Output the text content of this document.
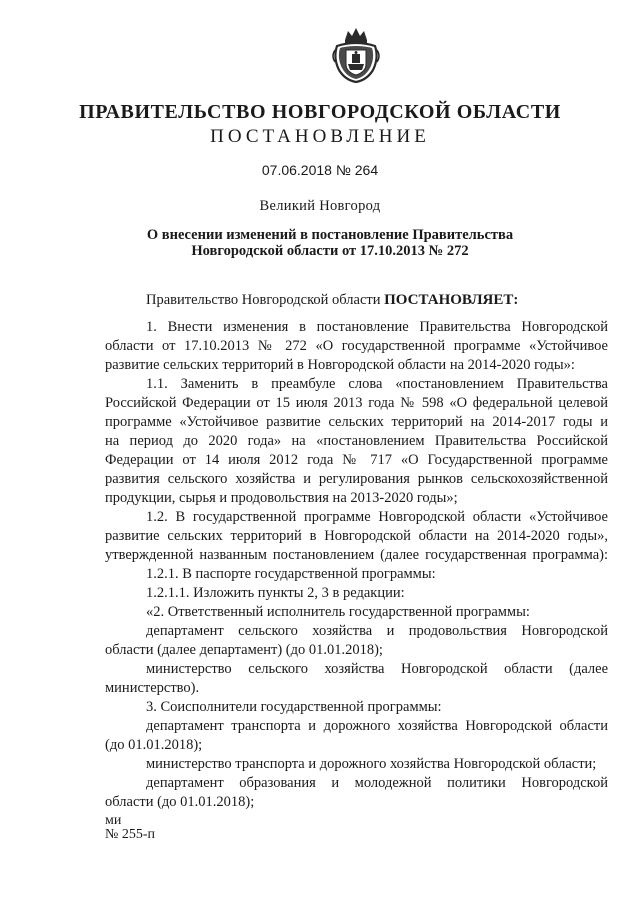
ПРАВИТЕЛЬСТВО НОВГОРОДСКОЙ ОБЛАСТИ
ПОСТАНОВЛЕНИЕ
07.06.2018 № 264
Великий Новгород
О внесении изменений в постановление Правительства
Новгородской области от 17.10.2013 № 272
Правительство Новгородской области ПОСТАНОВЛЯЕТ:
1. Внести изменения в постановление Правительства Новгородской
области от 17.10.2013 № 272 «О государственной программе «Устойчивое
развитие сельских территорий в Новгородской области на 2014-2020 годы»:
1.1. Заменить в преамбуле слова «постановлением Правительства
Российской Федерации от 15 июля 2013 года № 598 «О федеральной целевой
программе «Устойчивое развитие сельских территорий на 2014-2017 годы и
на период до 2020 года» на «постановлением Правительства Российской
Федерации от 14 июля 2012 года № 717 «О Государственной программе
развития сельского хозяйства и регулирования рынков сельскохозяйственной
продукции, сырья и продовольствия на 2013-2020 годы»;
1.2. В государственной программе Новгородской области «Устойчивое
развитие сельских территорий в Новгородской области на 2014-2020 годы»,
утвержденной названным постановлением (далее государственная программа):
1.2.1. В паспорте государственной программы:
1.2.1.1. Изложить пункты 2, 3 в редакции:
«2. Ответственный исполнитель государственной программы:
департамент сельского хозяйства и продовольствия Новгородской
области (далее департамент) (до 01.01.2018);
министерство сельского хозяйства Новгородской области (далее
министерство).
3. Соисполнители государственной программы:
департамент транспорта и дорожного хозяйства Новгородской области
(до 01.01.2018);
министерство транспорта и дорожного хозяйства Новгородской области;
департамент образования и молодежной политики Новгородской
области (до 01.01.2018);
ми
№ 255-п
